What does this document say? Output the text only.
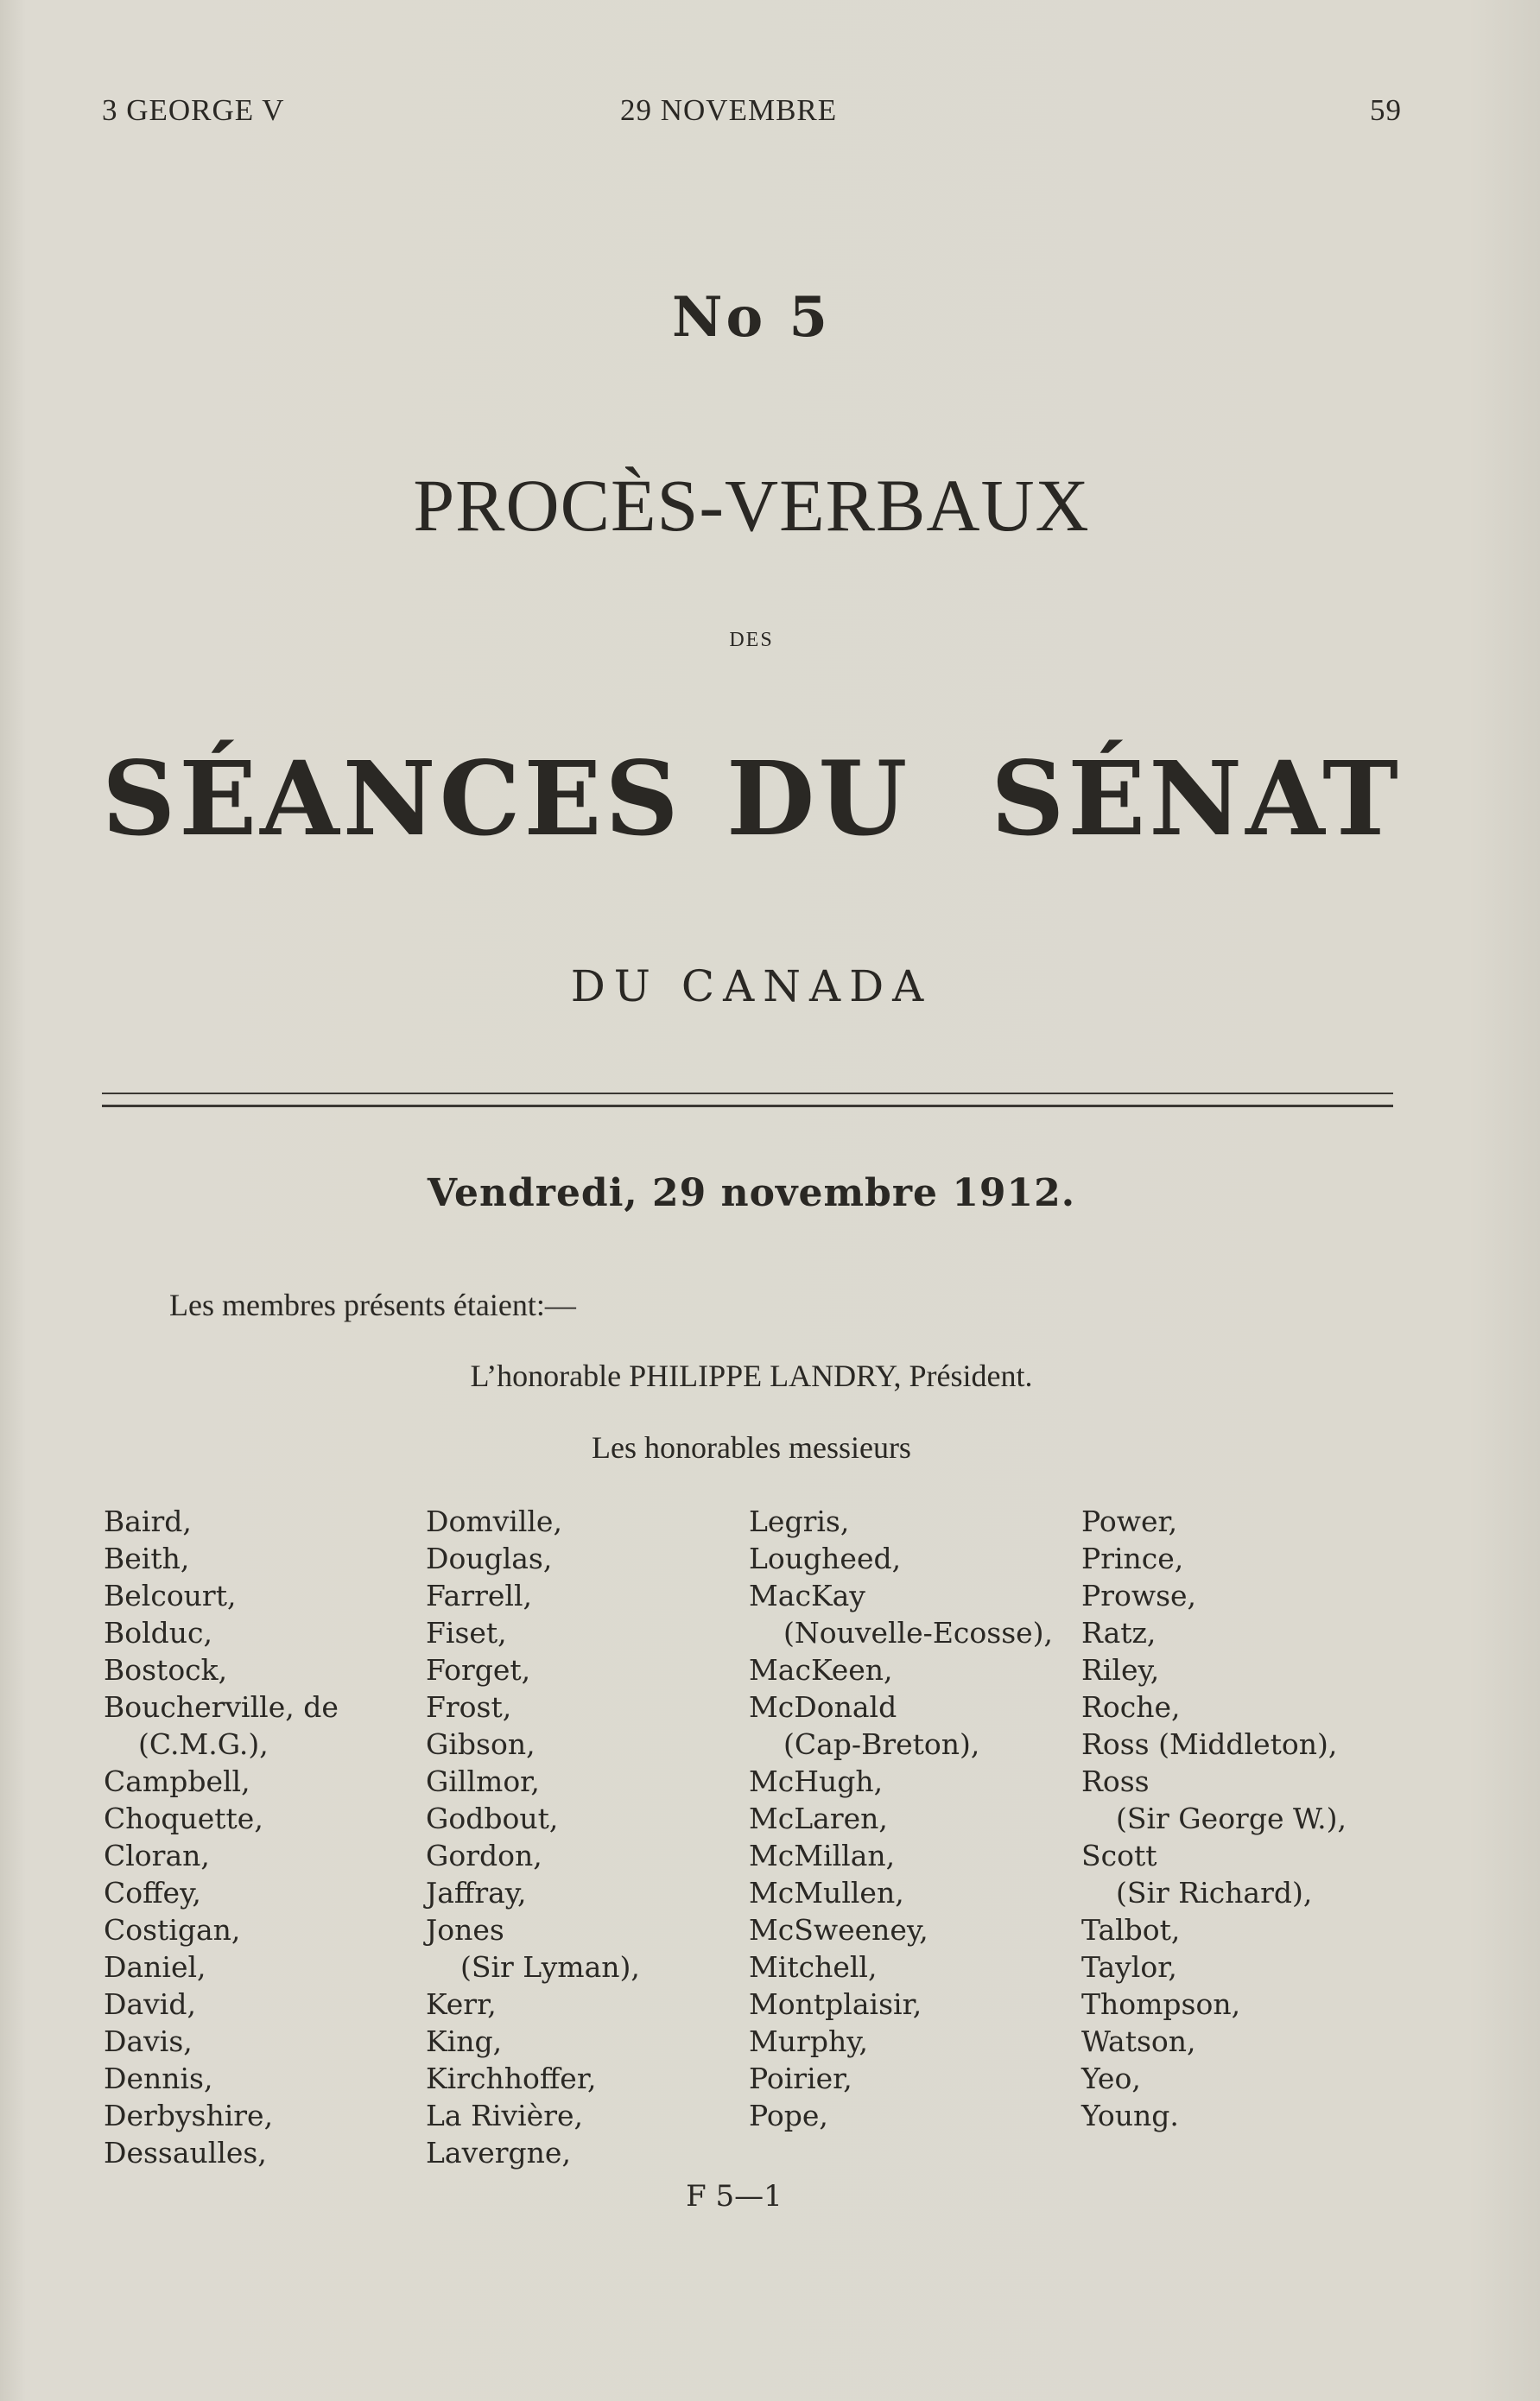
3 GEORGE V	29 NOVEMBRE	59
No 5
PROCÈS-VERBAUX
DES
SÉANCES DU SÉNAT
DU CANADA
Vendredi, 29 novembre 1912.
Les membres présents étaient:—
L’honorable PHILIPPE LANDRY, Président.
Les honorables messieurs
Baird,
Beith,
Belcourt,
Bolduc,
Bostock,
Boucherville, de
(C.M.G.),
Campbell,
Choquette,
Cloran,
Coffey,
Costigan,
Daniel,
David,
Davis,
Dennis,
Derbyshire,
Dessaulles,
Domville,
Douglas,
Farrell,
Fiset,
Forget,
Frost,
Gibson,
Gillmor,
Godbout,
Gordon,
Jaffray,
Jones
(Sir Lyman),
Kerr,
King,
Kirchhoffer,
La Rivière,
Lavergne,
Legris,
Lougheed,
MacKay
(Nouvelle-Ecosse),
MacKeen,
McDonald
(Cap-Breton),
McHugh,
McLaren,
McMillan,
McMullen,
McSweeney,
Mitchell,
Montplaisir,
Murphy,
Poirier,
Pope,
Power,
Prince,
Prowse,
Ratz,
Riley,
Roche,
Ross (Middleton),
Ross
(Sir George W.),
Scott
(Sir Richard),
Talbot,
Taylor,
Thompson,
Watson,
Yeo,
Young.
F 5—1
